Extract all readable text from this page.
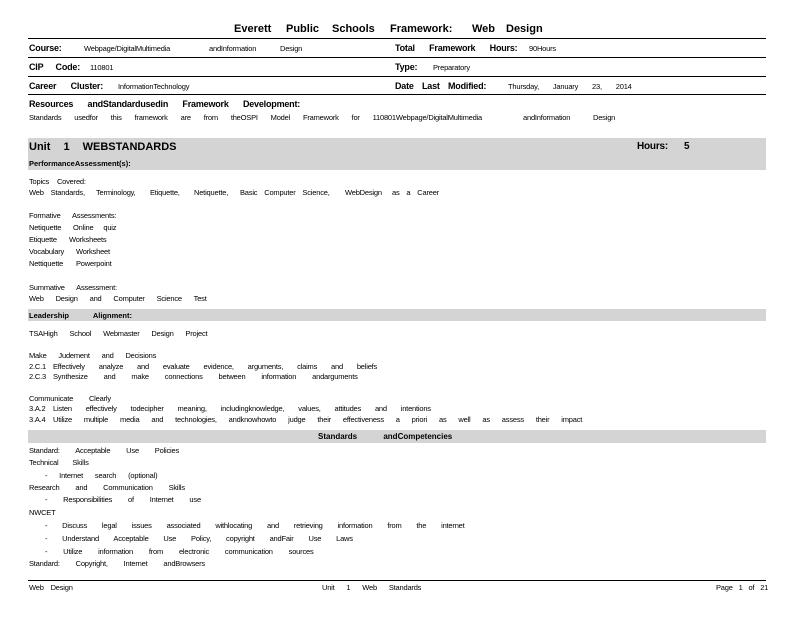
Everett Public Schools Framework: Web Design
Course:	Webpage/DigitalMultimedia	andInformation	Design	Total Framework Hours: 90Hours
CIP Code: 110801	Type: Preparatory
Career Cluster: InformationTechnology	Date Last Modified:	Thursday, January 23, 2014
Resources andStandardusedin Framework Development:
Standards usedfor this framework are from theOSPI Model Framework for 110801Webpage/DigitalMultimedia	andInformation	Design
Unit 1 WEBSTANDARDS	Hours: 5
PerformanceAssessment(s):
Topics Covered:
Web Standards, Terminology, Etiquette, Netiquette, Basic Computer Science, WebDesign as a Career
Formative Assessments:
Netiquette Online quiz
Etiquette Worksheets
Vocabulary Worksheet
Nettiquette Powerpoint
Summative Assessment:
Web Design and Computer Science Test
Leadership Alignment:
TSAHigh School Webmaster Design Project
Make Judement and Decisions
2.C.1 Effectively analyze and evaluate evidence, arguments, claims and beliefs
2.C.3 Synthesize and make connections between information andarguments
Communicate Clearly
3.A.2 Listen effectively todecipher meaning, includingknowledge, values, attitudes and intentions
3.A.4 Utilize multiple media and technologies, andknowhowto judge their effectiveness a priori as well as assess their impact
Standards andCompetencies
Standard: Acceptable Use Policies
Technical Skills
- Internet search (optional)
Research and Communication Skills
- Responsibilities of Internet use
NWCET
- Discuss legal issues associated withlocating and retrieving information from the internet
- Understand Acceptable Use Policy, copyright andFair Use Laws
- Utilize information from electronic communication sources
Standard: Copyright, Internet andBrowsers
Web Design	Unit 1 Web Standards	Page 1 of 21
